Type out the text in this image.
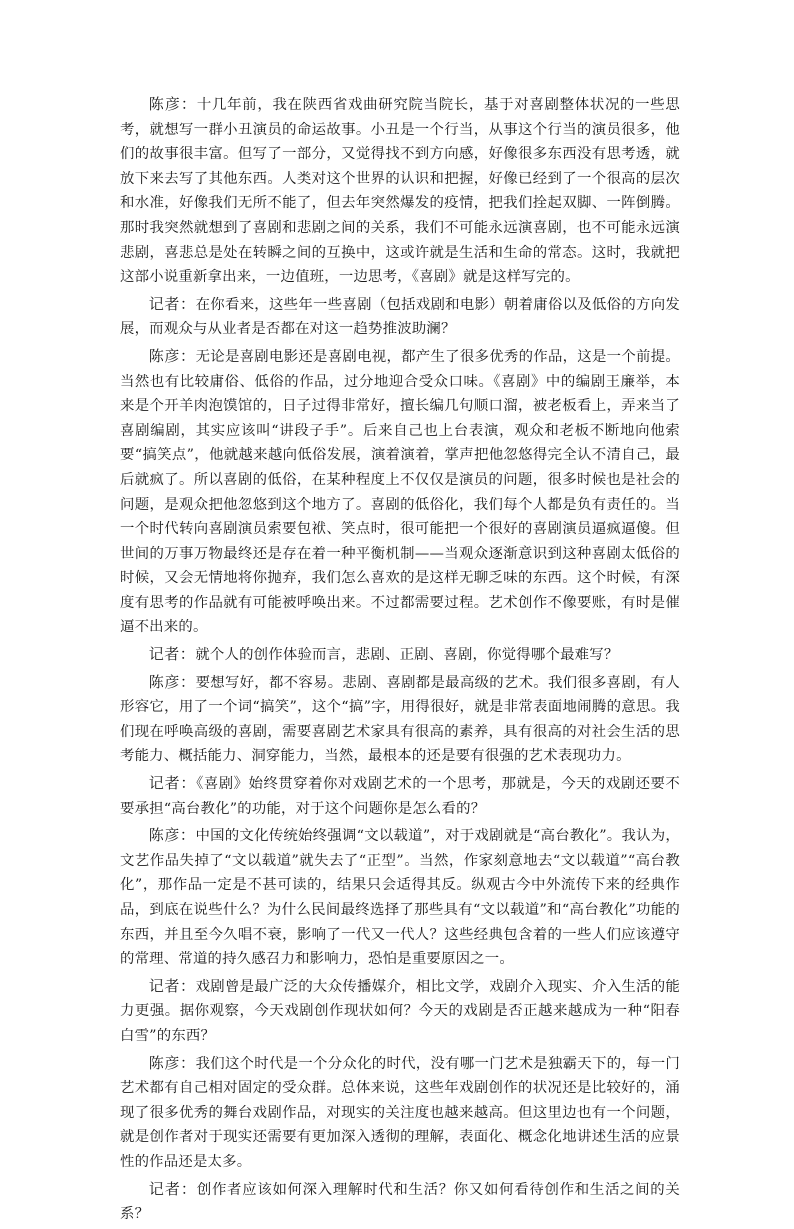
陈彦：十几年前，我在陕西省戏曲研究院当院长，基于对喜剧整体状况的一些思考，就想写一群小丑演员的命运故事。小丑是一个行当，从事这个行当的演员很多，他们的故事很丰富。但写了一部分，又觉得找不到方向感，好像很多东西没有思考透，就放下来去写了其他东西。人类对这个世界的认识和把握，好像已经到了一个很高的层次和水准，好像我们无所不能了，但去年突然爆发的疫情，把我们拴起双脚、一阵倒腾。那时我突然就想到了喜剧和悲剧之间的关系，我们不可能永远演喜剧，也不可能永远演悲剧，喜悲总是处在转瞬之间的互换中，这或许就是生活和生命的常态。这时，我就把这部小说重新拿出来，一边值班，一边思考，《喜剧》就是这样写完的。

记者：在你看来，这些年一些喜剧（包括戏剧和电影）朝着庸俗以及低俗的方向发展，而观众与从业者是否都在对这一趋势推波助澜？

陈彦：无论是喜剧电影还是喜剧电视，都产生了很多优秀的作品，这是一个前提。当然也有比较庸俗、低俗的作品，过分地迎合受众口味。《喜剧》中的编剧王廉举，本来是个开羊肉泡馍馆的，日子过得非常好，擅长编几句顺口溜，被老板看上，弄来当了喜剧编剧，其实应该叫“讲段子手”。后来自己也上台表演，观众和老板不断地向他索要“搞笑点”，他就越来越向低俗发展，演着演着，掌声把他忽悠得完全认不清自己，最后就疯了。所以喜剧的低俗，在某种程度上不仅仅是演员的问题，很多时候也是社会的问题，是观众把他忽悠到这个地方了。喜剧的低俗化，我们每个人都是负有责任的。当一个时代转向喜剧演员索要包袱、笑点时，很可能把一个很好的喜剧演员逼疯逼傻。但世间的万事万物最终还是存在着一种平衡机制——当观众逐渐意识到这种喜剧太低俗的时候，又会无情地将你抛弃，我们怎么喜欢的是这样无聊乏味的东西。这个时候，有深度有思考的作品就有可能被呼唤出来。不过都需要过程。艺术创作不像要账，有时是催逼不出来的。

记者：就个人的创作体验而言，悲剧、正剧、喜剧，你觉得哪个最难写？

陈彦：要想写好，都不容易。悲剧、喜剧都是最高级的艺术。我们很多喜剧，有人形容它，用了一个词“搞笑”，这个“搞”字，用得很好，就是非常表面地闹腾的意思。我们现在呼唤高级的喜剧，需要喜剧艺术家具有很高的素养，具有很高的对社会生活的思考能力、概括能力、洞穿能力，当然，最根本的还是要有很强的艺术表现功力。

记者：《喜剧》始终贯穿着你对戏剧艺术的一个思考，那就是，今天的戏剧还要不要承担“高台教化”的功能，对于这个问题你是怎么看的？

陈彦：中国的文化传统始终强调“文以载道”，对于戏剧就是“高台教化”。我认为，文艺作品失掉了“文以载道”就失去了“正型”。当然，作家刻意地去“文以载道”“高台教化”，那作品一定是不甚可读的，结果只会适得其反。纵观古今中外流传下来的经典作品，到底在说些什么？为什么民间最终选择了那些具有“文以载道”和“高台教化”功能的东西，并且至今久唱不衰，影响了一代又一代人？这些经典包含着的一些人们应该遵守的常理、常道的持久感召力和影响力，恐怕是重要原因之一。

记者：戏剧曾是最广泛的大众传播媒介，相比文学，戏剧介入现实、介入生活的能力更强。据你观察，今天戏剧创作现状如何？今天的戏剧是否正越来越成为一种“阳春白雪”的东西？

陈彦：我们这个时代是一个分众化的时代，没有哪一门艺术是独霸天下的，每一门艺术都有自己相对固定的受众群。总体来说，这些年戏剧创作的状况还是比较好的，涌现了很多优秀的舞台戏剧作品，对现实的关注度也越来越高。但这里边也有一个问题，就是创作者对于现实还需要有更加深入透彻的理解，表面化、概念化地讲述生活的应景性的作品还是太多。

记者：创作者应该如何深入理解时代和生活？你又如何看待创作和生活之间的关系？
